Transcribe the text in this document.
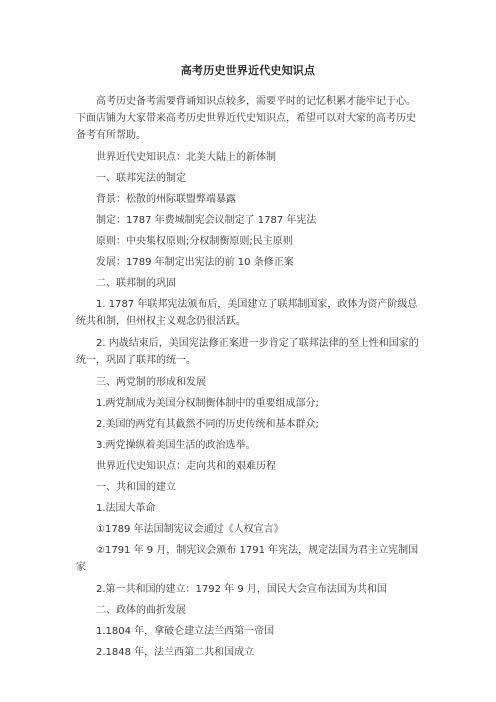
高考历史世界近代史知识点

高考历史备考需要背诵知识点较多，需要平时的记忆积累才能牢记于心。下面店铺为大家带来高考历史世界近代史知识点，希望可以对大家的高考历史备考有所帮助。

世界近代史知识点：北美大陆上的新体制

一、联邦宪法的制定

背景：松散的州际联盟弊端暴露

制定：1787 年费城制宪会议制定了 1787 年宪法

原则：中央集权原则;分权制衡原则;民主原则

发展：1789 年制定出宪法的前 10 条修正案

二、联邦制的巩固

1. 1787 年联邦宪法颁布后，美国建立了联邦制国家，政体为资产阶级总统共和制，但州权主义观念仍很活跃。

2. 内战结束后，美国宪法修正案进一步肯定了联邦法律的至上性和国家的统一，巩固了联邦的统一。

三、两党制的形成和发展

1.两党制成为美国分权制衡体制中的重要组成部分;

2.美国的两党有其截然不同的历史传统和基本群众;

3.两党操纵着美国生活的政治选举。

世界近代史知识点：走向共和的艰难历程

一、共和国的建立

1.法国大革命

①1789 年法国制宪议会通过《人权宣言》

②1791 年 9 月，制宪议会颁布 1791 年宪法，规定法国为君主立宪制国家

2.第一共和国的建立：1792 年 9 月，国民大会宣布法国为共和国

二、政体的曲折发展

1.1804 年，拿破仑建立法兰西第一帝国

2.1848 年，法兰西第二共和国成立
